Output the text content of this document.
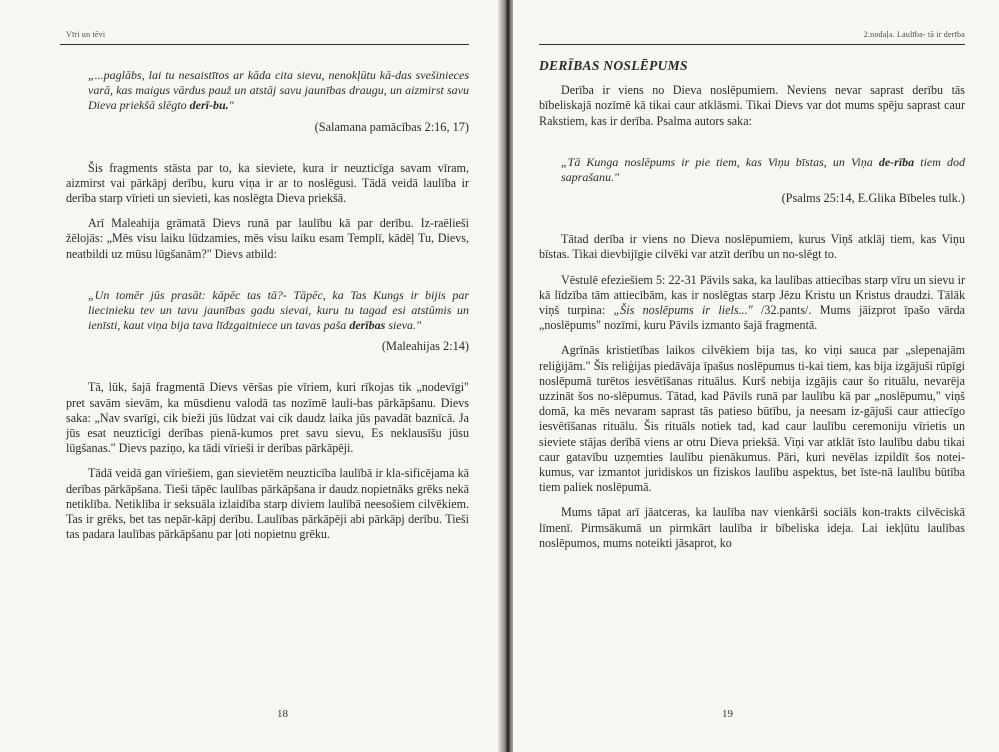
Vīri un tēvi

„...paglābs, lai tu nesaistītos ar kāda cita sievu, nenokļūtu kā-das svešinieces varā, kas maigus vārdus pauž un atstāj savu jaunības draugu, un aizmirst savu Dieva priekšā slēgto derī-bu."

(Salamana pamācības 2:16, 17)

Šis fragments stāsta par to, ka sieviete, kura ir neuzticīga savam vīram, aizmirst vai pārkāpj derību, kuru viņa ir ar to noslēgusi. Tādā veidā laulība ir derība starp vīrieti un sievieti, kas noslēgta Dieva priekšā.

Arī Maleahija grāmatā Dievs runā par laulību kā par derību. Iz-raēlieši žēlojās: „Mēs visu laiku lūdzamies, mēs visu laiku esam Templī, kādēļ Tu, Dievs, neatbildi uz mūsu lūgšanām?" Dievs atbild:

„Un tomēr jūs prasāt: kāpēc tas tā?- Tāpēc, ka Tas Kungs ir bijis par liecinieku tev un tavu jaunības gadu sievai, kuru tu tagad esi atstūmis un ienīsti, kaut viņa bija tava līdzgaitniece un tavas paša derības sieva."

(Maleahijas 2:14)

Tā, lūk, šajā fragmentā Dievs vēršas pie vīriem, kuri rīkojas tik „nodevīgi" pret savām sievām, ka mūsdienu valodā tas nozīmē lauli-bas pārkāpšanu. Dievs saka: „Nav svarīgi, cik bieži jūs lūdzat vai cik daudz laika jūs pavadāt baznīcā. Ja jūs esat neuzticīgi derības pienā-kumos pret savu sievu, Es neklausīšu jūsu lūgšanas." Dievs paziņo, ka tādi vīrieši ir derības pārkāpēji.

Tādā veidā gan vīriešiem, gan sievietēm neuzticība laulībā ir kla-sificējama kā derības pārkāpšana. Tieši tāpēc laulības pārkāpšana ir daudz nopietnāks grēks nekā netiklība. Netiklība ir seksuāla izlaidība starp diviem laulībā neesošiem cilvēkiem. Tas ir grēks, bet tas nepār-kāpj derību. Laulības pārkāpēji abi pārkāpj derību. Tieši tas padara laulības pārkāpšanu par ļoti nopietnu grēku.

18
2.nodaļa. Laulība- tā ir derība

DERĪBAS NOSLĒPUMS

Derība ir viens no Dieva noslēpumiem. Neviens nevar saprast derību tās bībeliskajā nozīmē kā tikai caur atklāsmi. Tikai Dievs var dot mums spēju saprast caur Rakstiem, kas ir derība. Psalma autors saka:

„Tā Kunga noslēpums ir pie tiem, kas Viņu bīstas, un Viņa de-rība tiem dod saprašanu."

(Psalms 25:14, E.Glika Bībeles tulk.)

Tātad derība ir viens no Dieva noslēpumiem, kurus Viņš atklāj tiem, kas Viņu bīstas. Tikai dievbijīgie cilvēki var atzīt derību un no-slēgt to.

Vēstulē efeziešiem 5: 22-31 Pāvils saka, ka laulības attiecības starp vīru un sievu ir kā līdzība tām attiecībām, kas ir noslēgtas starp Jēzu Kristu un Kristus draudzi. Tālāk viņš turpina: „Šis noslēpums ir liels..." /32.pants/. Mums jāizprot īpašo vārda „noslēpums" nozīmi, kuru Pāvils izmanto šajā fragmentā.

Agrīnās kristietības laikos cilvēkiem bija tas, ko viņi sauca par „slepenajām reliģijām." Šīs reliģijas piedāvāja īpašus noslēpumus ti-kai tiem, kas bija izgājuši rūpīgi noslēpumā turētos iesvētīšanas rituālus. Kurš nebija izgājis caur šo rituālu, nevarēja uzzināt šos no-slēpumus. Tātad, kad Pāvils runā par laulību kā par „noslēpumu," viņš domā, ka mēs nevaram saprast tās patieso būtību, ja neesam iz-gājuši caur attiecīgo iesvētīšanas rituālu. Šis rituāls notiek tad, kad caur laulību ceremoniju vīrietis un sieviete stājas derībā viens ar otru Dieva priekšā. Viņi var atklāt īsto laulību dabu tikai caur gatavību uzņemties laulību pienākumus. Pāri, kuri nevēlas izpildīt šos notei-kumus, var izmantot juridiskos un fiziskos laulību aspektus, bet īste-nā laulību būtība tiem paliek noslēpumā.

Mums tāpat arī jāatceras, ka laulība nav vienkārši sociāls kon-trakts cilvēciskā līmenī. Pirmsākumā un pirmkārt laulība ir bībeliska ideja. Lai iekļūtu laulības noslēpumos, mums noteikti jāsaprot, ko

19
